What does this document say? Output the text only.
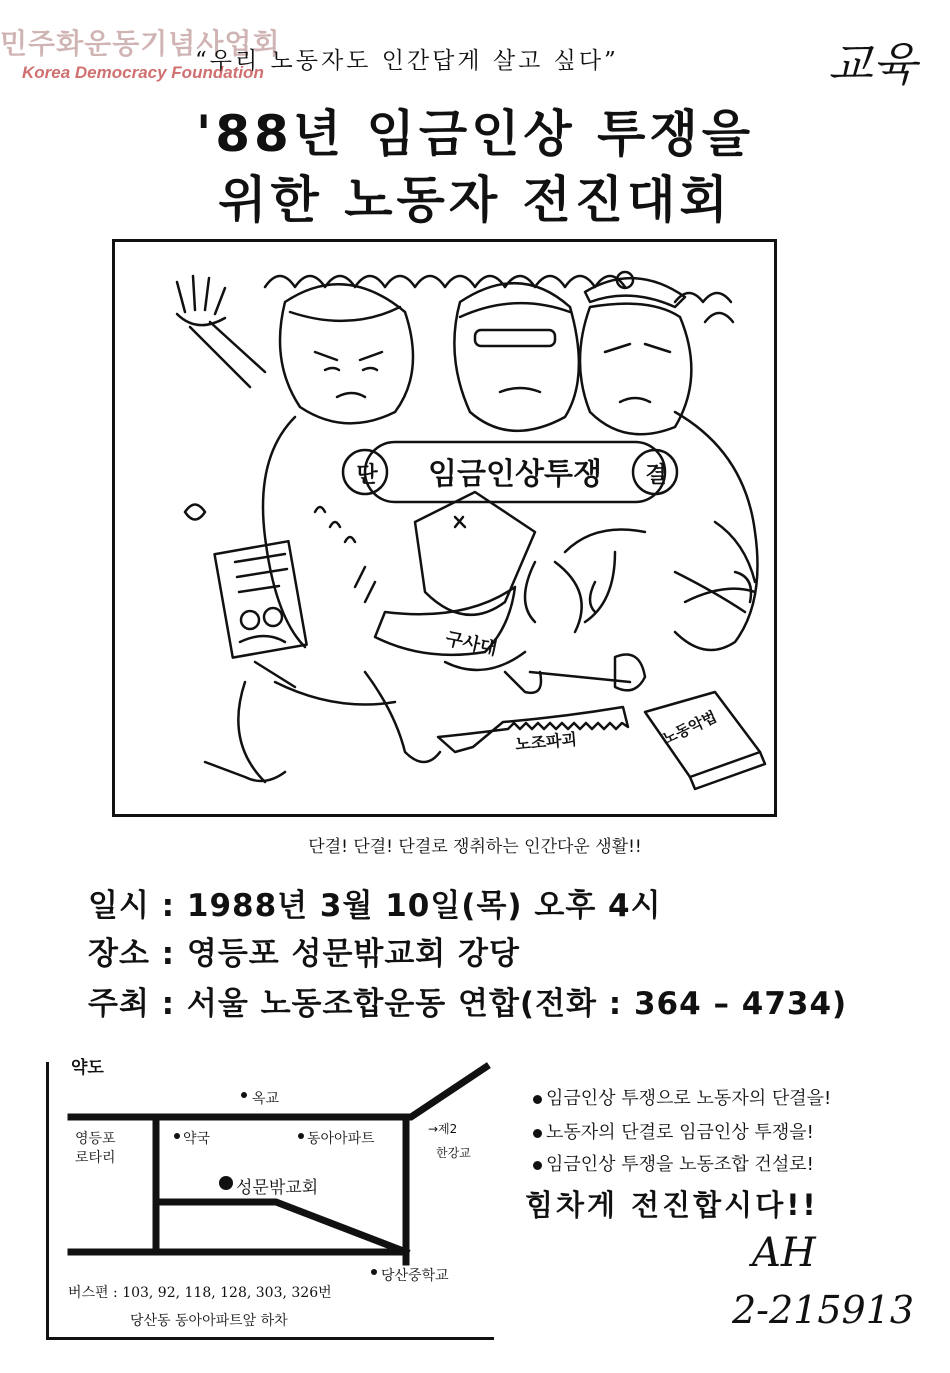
민주화운동기념사업회
Korea Democracy Foundation
“우리 노동자도 인간답게 살고 싶다”	교육
'88년 임금인상 투쟁을
위한 노동자 전진대회
단 임금인상투쟁 결
구사대
노조파괴	노동악법
단결! 단결! 단결로 쟁취하는 인간다운 생활!!
일시 : 1988년 3월 10일(목) 오후 4시
장소 : 영등포 성문밖교회 강당
주최 : 서울 노동조합운동 연합(전화 : 364 – 4734)
약도
옥교
영등포
로타리
약국	동아아파트
성문밖교회
→제2
한강교
당산중학교
버스편 : 103, 92, 118, 128, 303, 326번
당산동 동아아파트앞 하차
임금인상 투쟁으로 노동자의 단결을!
노동자의 단결로 임금인상 투쟁을!
임금인상 투쟁을 노동조합 건설로!
힘차게 전진합시다!!
AH
2-215913
